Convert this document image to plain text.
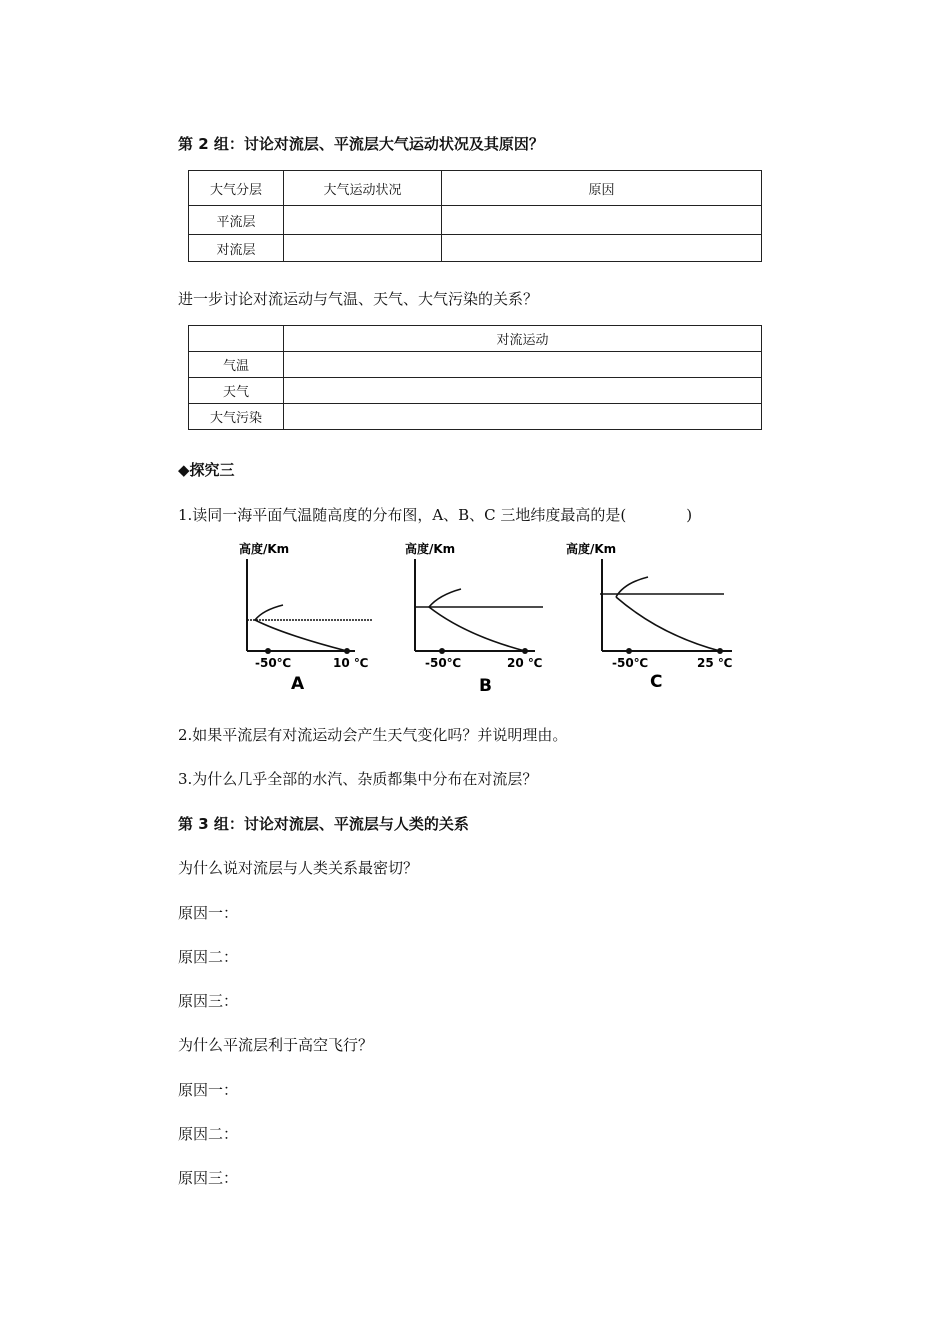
第 2 组：讨论对流层、平流层大气运动状况及其原因？
大气分层	大气运动状况	原因
平流层		
对流层		
进一步讨论对流运动与气温、天气、大气污染的关系？
	对流运动
气温	
天气	
大气污染	
◆探究三
1.读同一海平面气温随高度的分布图，A、B、C 三地纬度最高的是(　　　　)
高度/Km
-50℃	10 ℃
A
高度/Km
-50℃	20 ℃
B
高度/Km
-50℃	25 ℃
C
2.如果平流层有对流运动会产生天气变化吗？并说明理由。
3.为什么几乎全部的水汽、杂质都集中分布在对流层？
第 3 组：讨论对流层、平流层与人类的关系
为什么说对流层与人类关系最密切？
原因一：
原因二：
原因三：
为什么平流层利于高空飞行？
原因一：
原因二：
原因三：
